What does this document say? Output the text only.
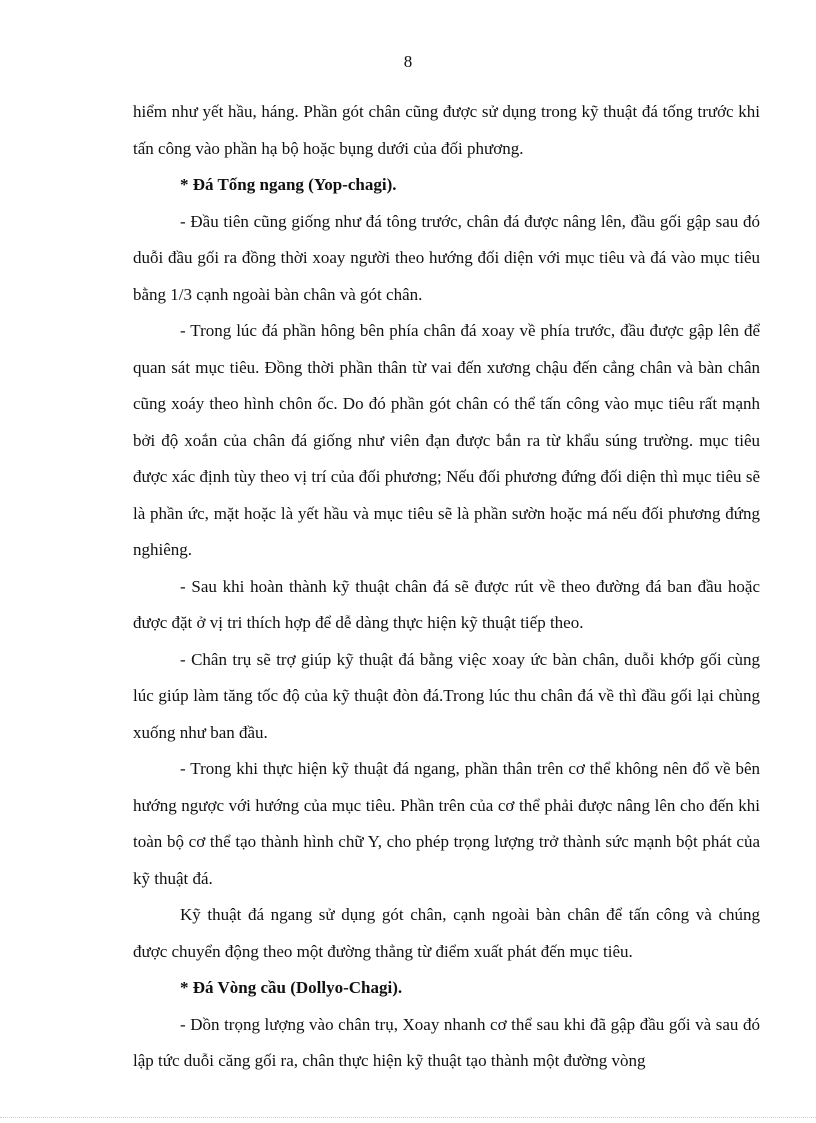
8

hiểm như yết hầu, háng. Phần gót chân cũng được sử dụng trong kỹ thuật đá tống trước khi tấn công vào phần hạ bộ hoặc bụng dưới của đối phương.

* Đá Tống ngang (Yop-chagi).

- Đầu tiên cũng giống như đá tông trước, chân đá được nâng lên, đầu gối gập sau đó duỗi đầu gối ra đồng thời xoay người theo hướng đối diện với mục tiêu và đá vào mục tiêu bằng 1/3 cạnh ngoài bàn chân và gót chân.

- Trong lúc đá phần hông bên phía chân đá xoay về phía trước, đầu được gập lên để quan sát mục tiêu. Đồng thời phần thân từ vai đến xương chậu đến cẳng chân và bàn chân cũng xoáy theo hình chôn ốc. Do đó phần gót chân có thể tấn công vào mục tiêu rất mạnh bởi độ xoắn của chân đá giống như viên đạn được bắn ra từ khẩu súng trường. mục tiêu được xác định tùy theo vị trí của đối phương; Nếu đối phương đứng đối diện thì mục tiêu sẽ là phần ức, mặt hoặc là yết hầu và mục tiêu sẽ là phần sườn hoặc má nếu đối phương đứng nghiêng.

- Sau khi hoàn thành kỹ thuật chân đá sẽ được rút về theo đường đá ban đầu hoặc được đặt ở vị tri thích hợp để dễ dàng thực hiện kỹ thuật tiếp theo.

- Chân trụ sẽ trợ giúp kỹ thuật đá bằng việc xoay ức bàn chân, duỗi khớp gối cùng lúc giúp làm tăng tốc độ của kỹ thuật đòn đá.Trong lúc thu chân đá về thì đầu gối lại chùng xuống như ban đầu.

- Trong khi thực hiện kỹ thuật đá ngang, phần thân trên cơ thể không nên đổ về bên hướng ngược với hướng của mục tiêu. Phần trên của cơ thể phải được nâng lên cho đến khi toàn bộ cơ thể tạo thành hình chữ Y, cho phép trọng lượng trở thành sức mạnh bột phát của kỹ thuật đá.

Kỹ thuật đá ngang sử dụng gót chân, cạnh ngoài bàn chân để tấn công và chúng được chuyển động theo một đường thẳng từ điểm xuất phát đến mục tiêu.

* Đá Vòng cầu (Dollyo-Chagi).

- Dồn trọng lượng vào chân trụ, Xoay nhanh cơ thể sau khi đã gập đầu gối và sau đó lập tức duỗi căng gối ra, chân thực hiện kỹ thuật tạo thành một đường vòng
